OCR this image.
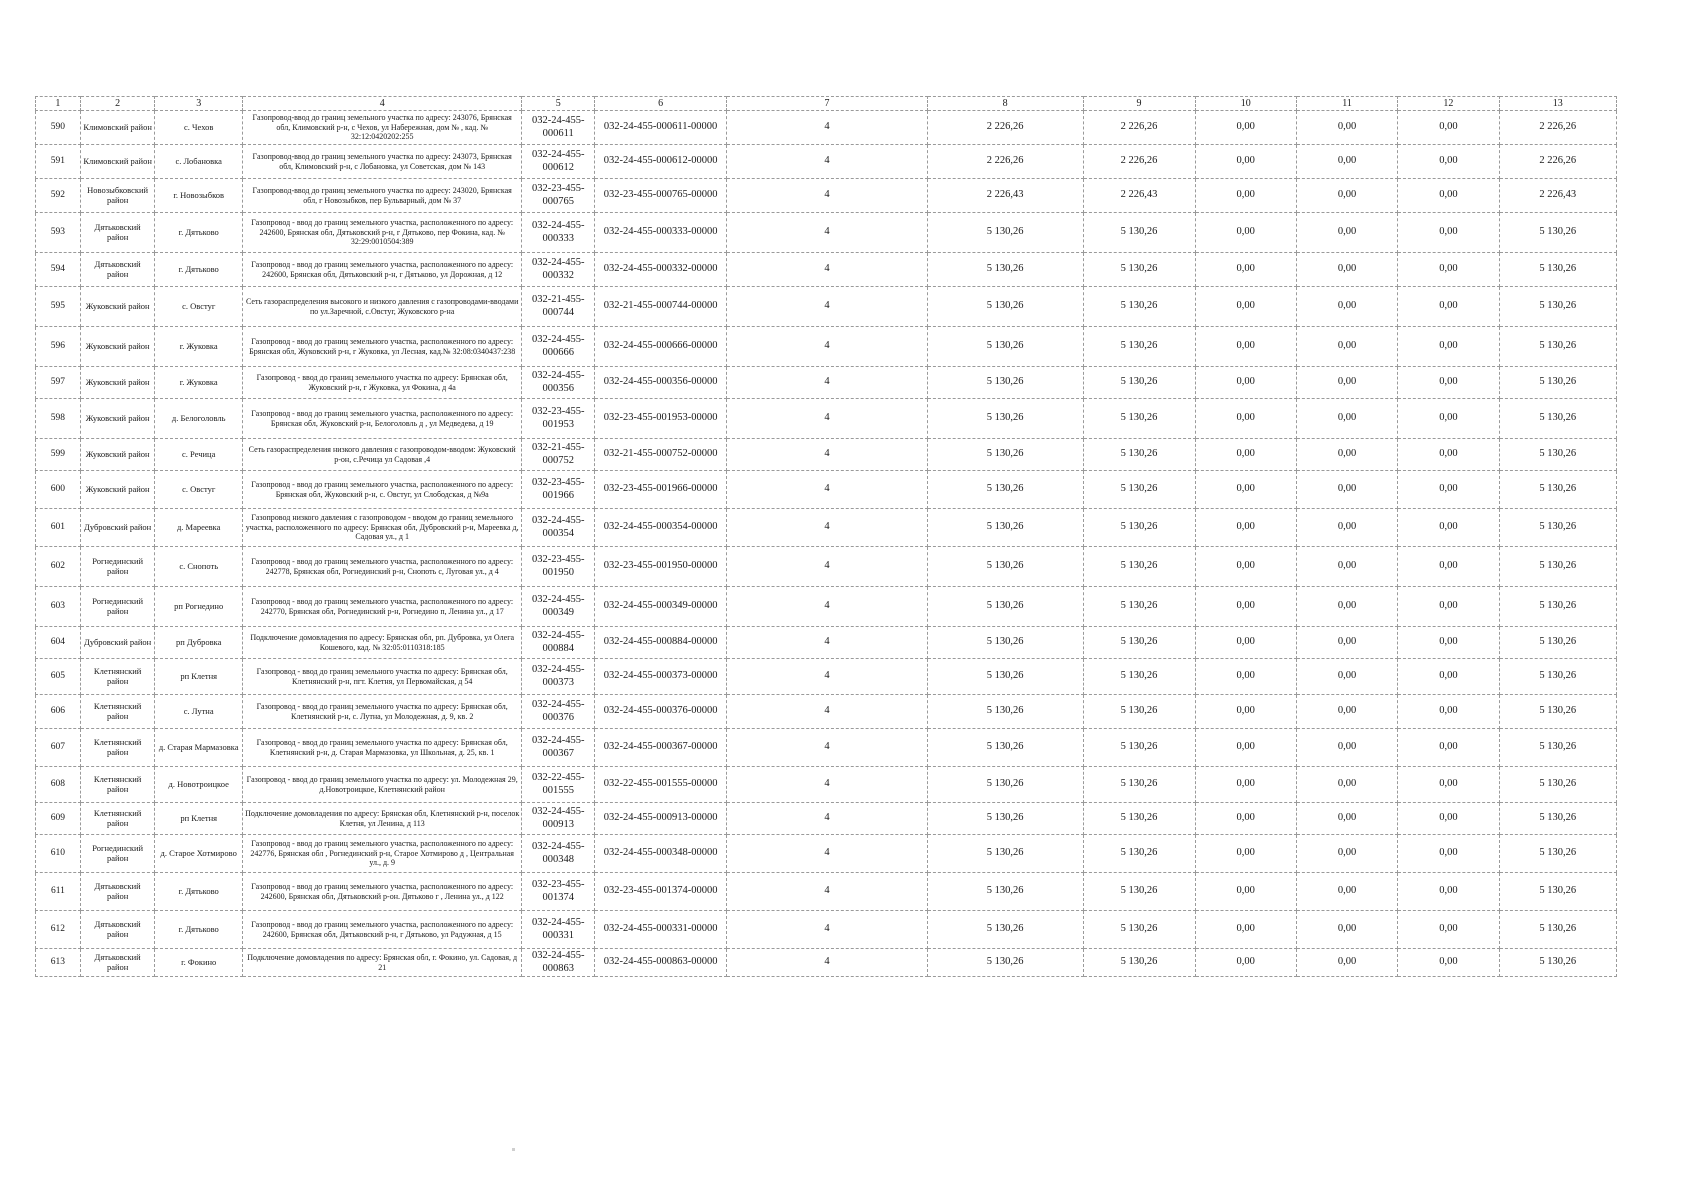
1	2	3	4	5	6	7	8	9	10	11	12	13
590	Климовский район	с. Чехов	Газопровод-ввод до границ земельного участка по адресу: 243076, Брянская обл, Климовский р-н, с Чехов, ул Набережная, дом № , кад. № 32:12:0420202:255	032-24-455-000611	032-24-455-000611-00000	4	2 226,26	2 226,26	0,00	0,00	0,00	2 226,26
591	Климовский район	с. Лобановка	Газопровод-ввод до границ земельного участка по адресу: 243073, Брянская обл, Климовский р-н, с Лобановка, ул Советская, дом № 143	032-24-455-000612	032-24-455-000612-00000	4	2 226,26	2 226,26	0,00	0,00	0,00	2 226,26
592	Новозыбковский район	г. Новозыбков	Газопровод-ввод до границ земельного участка по адресу: 243020, Брянская обл, г Новозыбков, пер Бульварный, дом № 37	032-23-455-000765	032-23-455-000765-00000	4	2 226,43	2 226,43	0,00	0,00	0,00	2 226,43
593	Дятьковский район	г. Дятьково	Газопровод - ввод до границ земельного участка, расположенного по адресу: 242600, Брянская обл, Дятьковский р-н, г Дятьково, пер Фокина, кад. № 32:29:0010504:389	032-24-455-000333	032-24-455-000333-00000	4	5 130,26	5 130,26	0,00	0,00	0,00	5 130,26
594	Дятьковский район	г. Дятьково	Газопровод - ввод до границ земельного участка, расположенного по адресу: 242600, Брянская обл, Дятьковский р-н, г Дятьково, ул Дорожная, д 12	032-24-455-000332	032-24-455-000332-00000	4	5 130,26	5 130,26	0,00	0,00	0,00	5 130,26
595	Жуковский район	с. Овстуг	Сеть газораспределения высокого и низкого давления с газопроводами-вводами по ул.Заречной, с.Овстуг, Жуковского р-на	032-21-455-000744	032-21-455-000744-00000	4	5 130,26	5 130,26	0,00	0,00	0,00	5 130,26
596	Жуковский район	г. Жуковка	Газопровод - ввод до границ земельного участка, расположенного по адресу: Брянская обл, Жуковский р-н, г Жуковка, ул Лесная, кад.№ 32:08:0340437:238	032-24-455-000666	032-24-455-000666-00000	4	5 130,26	5 130,26	0,00	0,00	0,00	5 130,26
597	Жуковский район	г. Жуковка	Газопровод - ввод до границ земельного участка по адресу: Брянская обл, Жуковский р-н, г Жуковка, ул Фокина, д 4а	032-24-455-000356	032-24-455-000356-00000	4	5 130,26	5 130,26	0,00	0,00	0,00	5 130,26
598	Жуковский район	д. Белоголовль	Газопровод - ввод до границ земельного участка, расположенного по адресу: Брянская обл, Жуковский р-н, Белоголовль д , ул Медведева, д 19	032-23-455-001953	032-23-455-001953-00000	4	5 130,26	5 130,26	0,00	0,00	0,00	5 130,26
599	Жуковский район	с. Речица	Сеть газораспределения низкого давления с газопроводом-вводом: Жуковский р-он, с.Речица ул Садовая ,4	032-21-455-000752	032-21-455-000752-00000	4	5 130,26	5 130,26	0,00	0,00	0,00	5 130,26
600	Жуковский район	с. Овстуг	Газопровод - ввод до границ земельного участка, расположенного по адресу: Брянская обл, Жуковский р-н, с. Овстуг, ул Слободская, д №9а	032-23-455-001966	032-23-455-001966-00000	4	5 130,26	5 130,26	0,00	0,00	0,00	5 130,26
601	Дубровский район	д. Мареевка	Газопровод низкого давления с газопроводом - вводом до границ земельного участка, расположенного по адресу: Брянская обл, Дубровский р-н, Мареевка д, Садовая ул., д 1	032-24-455-000354	032-24-455-000354-00000	4	5 130,26	5 130,26	0,00	0,00	0,00	5 130,26
602	Рогнединский район	с. Снопоть	Газопровод - ввод до границ земельного участка, расположенного по адресу: 242778, Брянская обл, Рогнединский р-н, Снопоть с, Луговая ул., д 4	032-23-455-001950	032-23-455-001950-00000	4	5 130,26	5 130,26	0,00	0,00	0,00	5 130,26
603	Рогнединский район	рп Рогнедино	Газопровод - ввод до границ земельного участка, расположенного по адресу: 242770, Брянская обл, Рогнединский р-н, Рогнедино п, Ленина ул., д 17	032-24-455-000349	032-24-455-000349-00000	4	5 130,26	5 130,26	0,00	0,00	0,00	5 130,26
604	Дубровский район	рп Дубровка	Подключение домовладения по адресу: Брянская обл, рп. Дубровка, ул Олега Кошевого, кад. № 32:05:0110318:185	032-24-455-000884	032-24-455-000884-00000	4	5 130,26	5 130,26	0,00	0,00	0,00	5 130,26
605	Клетнянский район	рп Клетня	Газопровод - ввод до границ земельного участка по адресу: Брянская обл, Клетнянский р-н, пгт. Клетня, ул Первомайская, д 54	032-24-455-000373	032-24-455-000373-00000	4	5 130,26	5 130,26	0,00	0,00	0,00	5 130,26
606	Клетнянский район	с. Лутна	Газопровод - ввод до границ земельного участка по адресу: Брянская обл, Клетнянский р-н, с. Лутна, ул Молодежная, д. 9, кв. 2	032-24-455-000376	032-24-455-000376-00000	4	5 130,26	5 130,26	0,00	0,00	0,00	5 130,26
607	Клетнянский район	д. Старая Мармазовка	Газопровод - ввод до границ земельного участка по адресу: Брянская обл, Клетнянский р-н, д. Старая Мармазовка, ул Школьная, д. 25, кв. 1	032-24-455-000367	032-24-455-000367-00000	4	5 130,26	5 130,26	0,00	0,00	0,00	5 130,26
608	Клетнянский район	д. Новотроицкое	Газопровод - ввод до границ земельного участка по адресу: ул. Молодежная 29, д.Новотроицкое, Клетнянский район	032-22-455-001555	032-22-455-001555-00000	4	5 130,26	5 130,26	0,00	0,00	0,00	5 130,26
609	Клетнянский район	рп Клетня	Подключение домовладения по адресу: Брянская обл, Клетнянский р-н, поселок Клетня, ул Ленина, д 113	032-24-455-000913	032-24-455-000913-00000	4	5 130,26	5 130,26	0,00	0,00	0,00	5 130,26
610	Рогнединский район	д. Старое Хотмирово	Газопровод - ввод до границ земельного участка, расположенного по адресу: 242776, Брянская обл , Рогнединский р-н, Старое Хотмирово д , Центральная ул., д. 9	032-24-455-000348	032-24-455-000348-00000	4	5 130,26	5 130,26	0,00	0,00	0,00	5 130,26
611	Дятьковский район	г. Дятьково	Газопровод - ввод до границ земельного участка, расположенного по адресу: 242600, Брянская обл, Дятьковский р-он. Дятьково г , Ленина ул., д 122	032-23-455-001374	032-23-455-001374-00000	4	5 130,26	5 130,26	0,00	0,00	0,00	5 130,26
612	Дятьковский район	г. Дятьково	Газопровод - ввод до границ земельного участка, расположенного по адресу: 242600, Брянская обл, Дятьковский р-н, г Дятьково, ул Радужная, д 15	032-24-455-000331	032-24-455-000331-00000	4	5 130,26	5 130,26	0,00	0,00	0,00	5 130,26
613	Дятьковский район	г. Фокино	Подключение домовладения по адресу: Брянская обл, г. Фокино, ул. Садовая, д 21	032-24-455-000863	032-24-455-000863-00000	4	5 130,26	5 130,26	0,00	0,00	0,00	5 130,26
